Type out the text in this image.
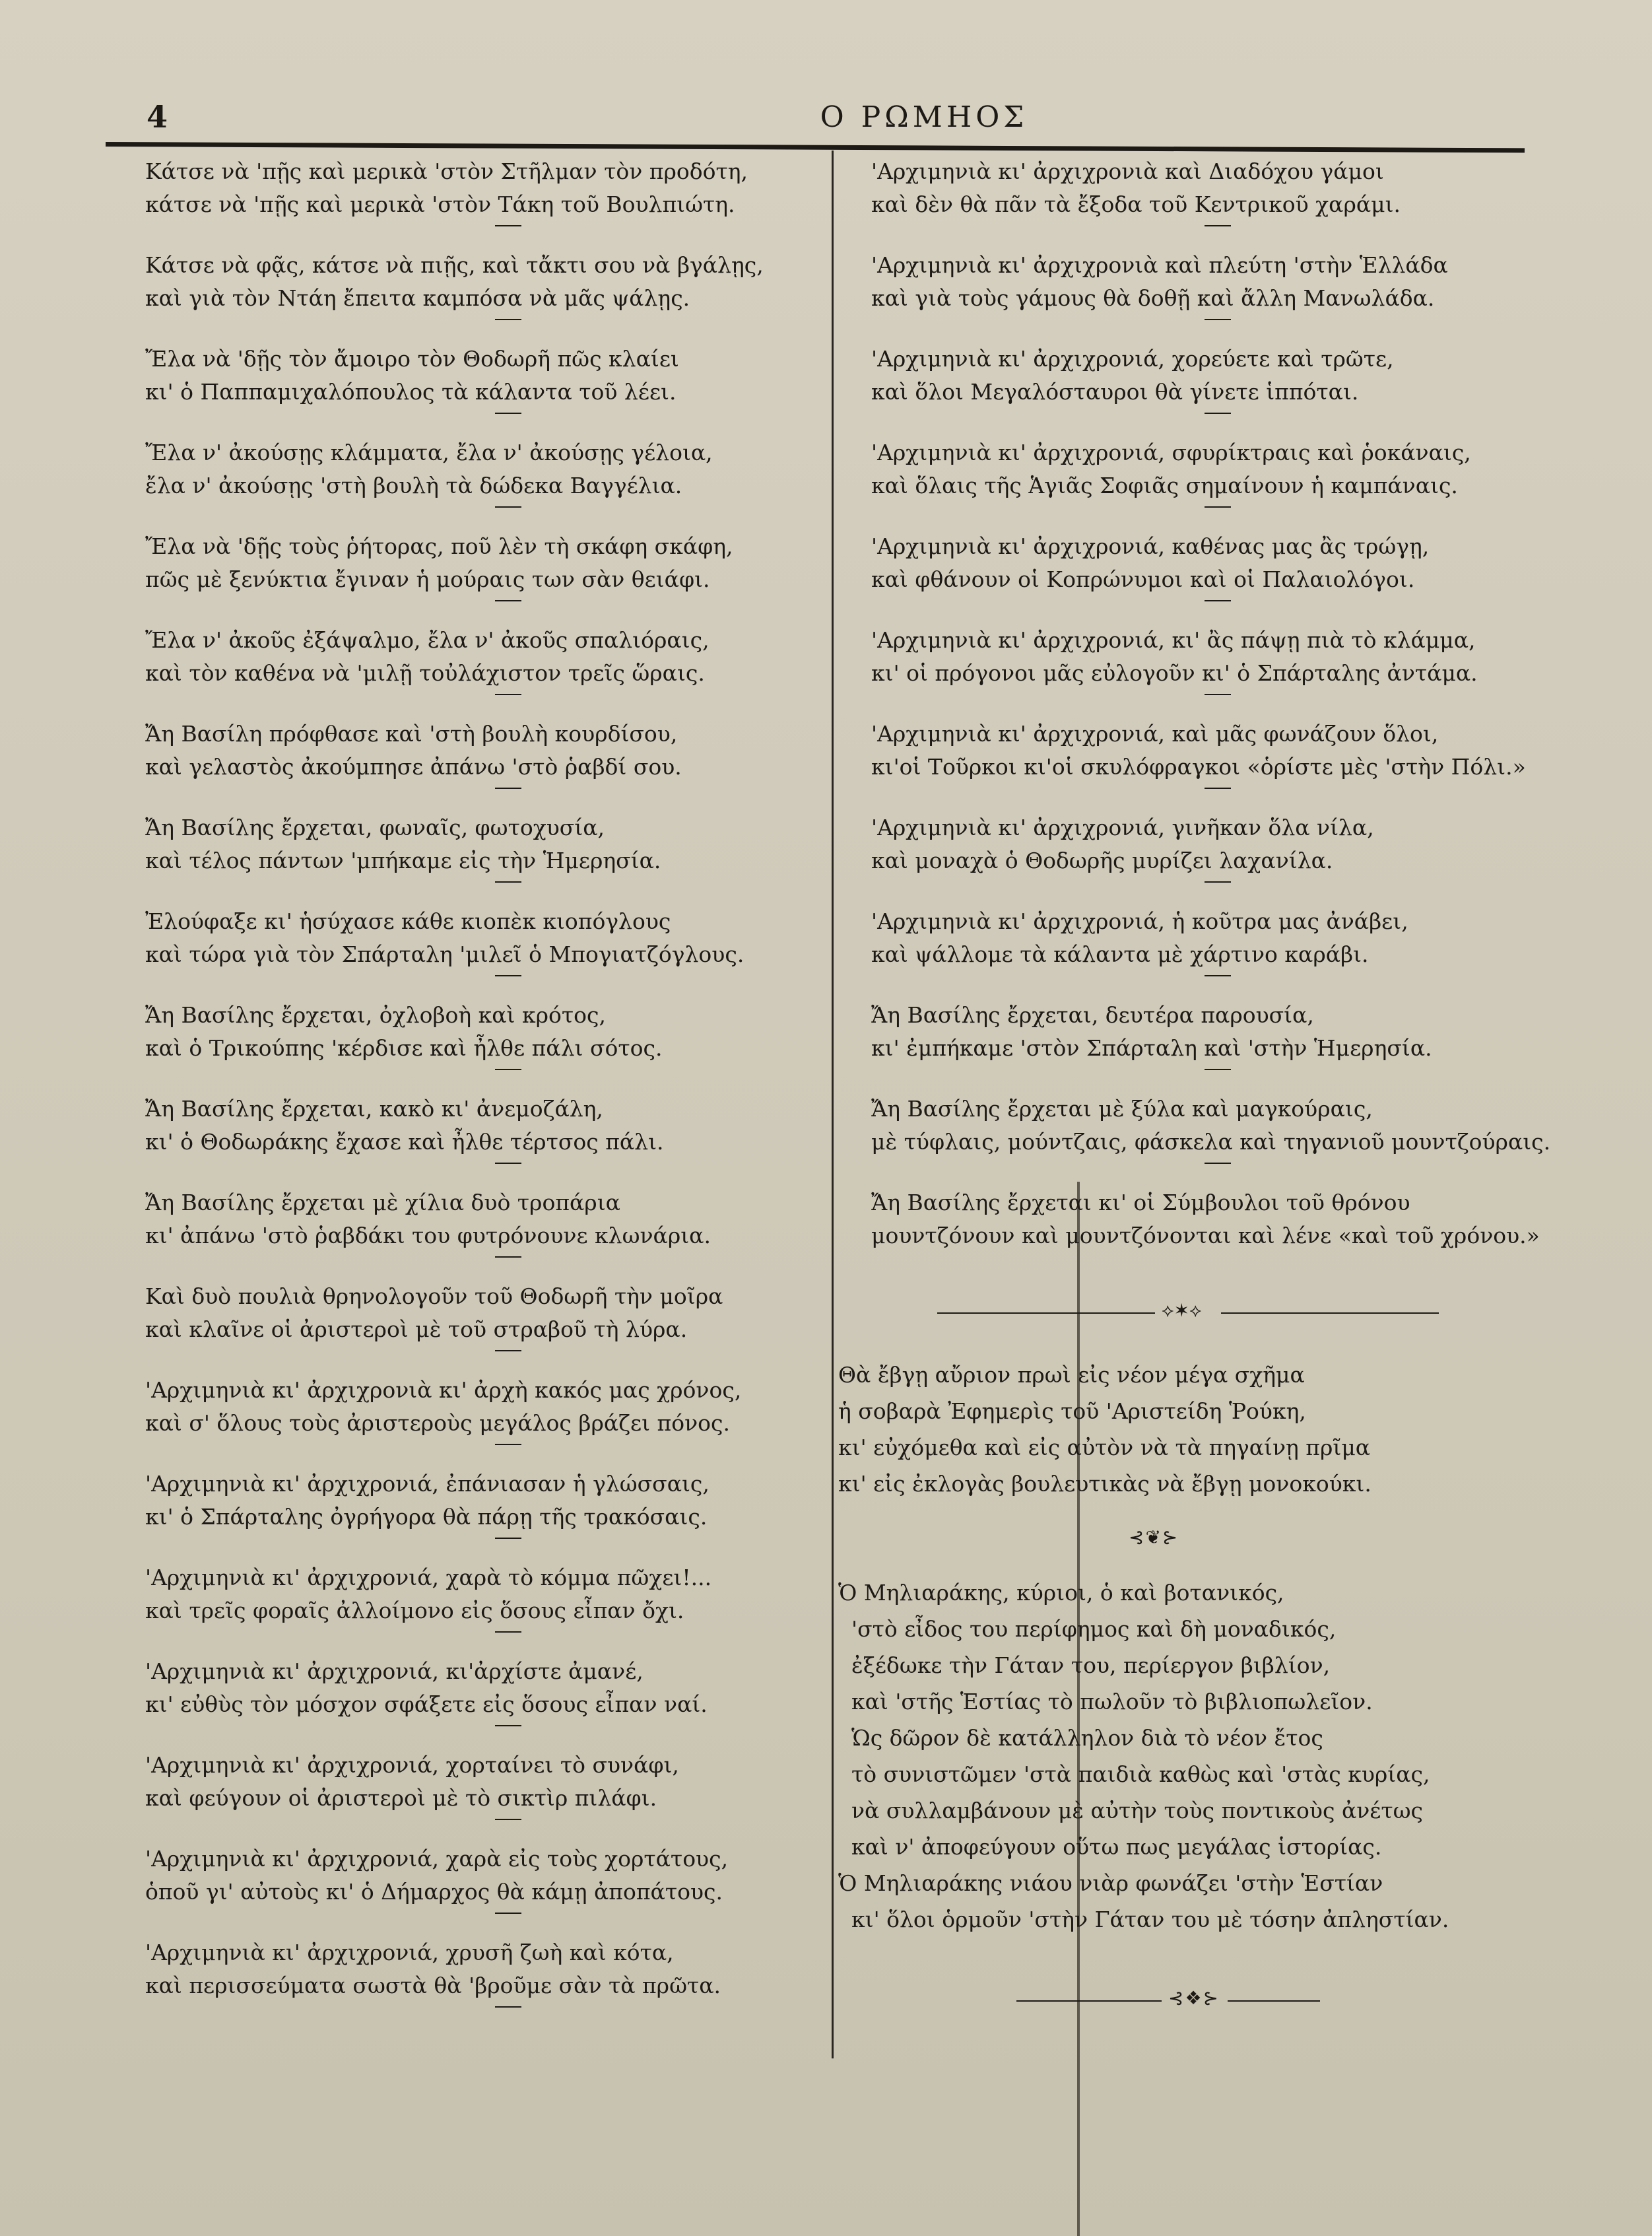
4	Ο ΡΩΜΗΟΣ
Κάτσε νὰ 'πῇς καὶ μερικὰ 'στὸν Στῆλμαν τὸν προδότη,
κάτσε νὰ 'πῇς καὶ μερικὰ 'στὸν Τάκη τοῦ Βουλπιώτη.
Κάτσε νὰ φᾷς, κάτσε νὰ πιῇς, καὶ τἄκτι σου νὰ βγάλῃς,
καὶ γιὰ τὸν Ντάη ἔπειτα καμπόσα νὰ μᾶς ψάλῃς.
Ἔλα νὰ 'δῇς τὸν ἄμοιρο τὸν Θοδωρῆ πῶς κλαίει
κι' ὁ Παππαμιχαλόπουλος τὰ κάλαντα τοῦ λέει.
Ἔλα ν' ἀκούσῃς κλάμματα, ἔλα ν' ἀκούσῃς γέλοια,
ἔλα ν' ἀκούσῃς 'στὴ βουλὴ τὰ δώδεκα Βαγγέλια.
Ἔλα νὰ 'δῇς τοὺς ῥήτορας, ποῦ λὲν τὴ σκάφη σκάφη,
πῶς μὲ ξενύκτια ἔγιναν ἡ μούραις των σὰν θειάφι.
Ἔλα ν' ἀκοῦς ἐξάψαλμο, ἔλα ν' ἀκοῦς σπαλιόραις,
καὶ τὸν καθένα νὰ 'μιλῇ τοὐλάχιστον τρεῖς ὥραις.
Ἄη Βασίλη πρόφθασε καὶ 'στὴ βουλὴ κουρδίσου,
καὶ γελαστὸς ἀκούμπησε ἀπάνω 'στὸ ῥαβδί σου.
Ἄη Βασίλης ἔρχεται, φωναῖς, φωτοχυσία,
καὶ τέλος πάντων 'μπήκαμε εἰς τὴν Ἡμερησία.
Ἐλούφαξε κι' ἡσύχασε κάθε κιοπὲκ κιοπόγλους
καὶ τώρα γιὰ τὸν Σπάρταλη 'μιλεῖ ὁ Μπογιατζόγλους.
Ἄη Βασίλης ἔρχεται, ὀχλοβοὴ καὶ κρότος,
καὶ ὁ Τρικούπης 'κέρδισε καὶ ἦλθε πάλι σότος.
Ἄη Βασίλης ἔρχεται, κακὸ κι' ἀνεμοζάλη,
κι' ὁ Θοδωράκης ἔχασε καὶ ἦλθε τέρτσος πάλι.
Ἄη Βασίλης ἔρχεται μὲ χίλια δυὸ τροπάρια
κι' ἀπάνω 'στὸ ῥαβδάκι του φυτρόνουνε κλωνάρια.
Καὶ δυὸ πουλιὰ θρηνολογοῦν τοῦ Θοδωρῆ τὴν μοῖρα
καὶ κλαῖνε οἱ ἀριστεροὶ μὲ τοῦ στραβοῦ τὴ λύρα.
'Αρχιμηνιὰ κι' ἀρχιχρονιὰ κι' ἀρχὴ κακός μας χρόνος,
καὶ σ' ὅλους τοὺς ἀριστεροὺς μεγάλος βράζει πόνος.
'Αρχιμηνιὰ κι' ἀρχιχρονιά, ἐπάνιασαν ἡ γλώσσαις,
κι' ὁ Σπάρταλης ὀγρήγορα θὰ πάρῃ τῆς τρακόσαις.
'Αρχιμηνιὰ κι' ἀρχιχρονιά, χαρὰ τὸ κόμμα πῶχει!...
καὶ τρεῖς φοραῖς ἀλλοίμονο εἰς ὅσους εἶπαν ὄχι.
'Αρχιμηνιὰ κι' ἀρχιχρονιά, κι'ἀρχίστε ἀμανέ,
κι' εὐθὺς τὸν μόσχον σφάξετε εἰς ὅσους εἶπαν ναί.
'Αρχιμηνιὰ κι' ἀρχιχρονιά, χορταίνει τὸ συνάφι,
καὶ φεύγουν οἱ ἀριστεροὶ μὲ τὸ σικτὶρ πιλάφι.
'Αρχιμηνιὰ κι' ἀρχιχρονιά, χαρὰ εἰς τοὺς χορτάτους,
ὁποῦ γι' αὐτοὺς κι' ὁ Δήμαρχος θὰ κάμῃ ἀποπάτους.
'Αρχιμηνιὰ κι' ἀρχιχρονιά, χρυσῆ ζωὴ καὶ κότα,
καὶ περισσεύματα σωστὰ θὰ 'βροῦμε σὰν τὰ πρῶτα.
'Αρχιμηνιὰ κι' ἀρχιχρονιὰ καὶ Διαδόχου γάμοι
καὶ δὲν θὰ πᾶν τὰ ἔξοδα τοῦ Κεντρικοῦ χαράμι.
'Αρχιμηνιὰ κι' ἀρχιχρονιὰ καὶ πλεύτη 'στὴν Ἑλλάδα
καὶ γιὰ τοὺς γάμους θὰ δοθῇ καὶ ἄλλη Μανωλάδα.
'Αρχιμηνιὰ κι' ἀρχιχρονιά, χορεύετε καὶ τρῶτε,
καὶ ὅλοι Μεγαλόσταυροι θὰ γίνετε ἱππόται.
'Αρχιμηνιὰ κι' ἀρχιχρονιά, σφυρίκτραις καὶ ῥοκάναις,
καὶ ὅλαις τῆς Ἁγιᾶς Σοφιᾶς σημαίνουν ἡ καμπάναις.
'Αρχιμηνιὰ κι' ἀρχιχρονιά, καθένας μας ἂς τρώγῃ,
καὶ φθάνουν οἱ Κοπρώνυμοι καὶ οἱ Παλαιολόγοι.
'Αρχιμηνιὰ κι' ἀρχιχρονιά, κι' ἂς πάψῃ πιὰ τὸ κλάμμα,
κι' οἱ πρόγονοι μᾶς εὐλογοῦν κι' ὁ Σπάρταλης ἀντάμα.
'Αρχιμηνιὰ κι' ἀρχιχρονιά, καὶ μᾶς φωνάζουν ὅλοι,
κι'οἱ Τοῦρκοι κι'οἱ σκυλόφραγκοι «ὁρίστε μὲς 'στὴν Πόλι.»
'Αρχιμηνιὰ κι' ἀρχιχρονιά, γινῆκαν ὅλα νίλα,
καὶ μοναχὰ ὁ Θοδωρῆς μυρίζει λαχανίλα.
'Αρχιμηνιὰ κι' ἀρχιχρονιά, ἡ κοῦτρα μας ἀνάβει,
καὶ ψάλλομε τὰ κάλαντα μὲ χάρτινο καράβι.
Ἄη Βασίλης ἔρχεται, δευτέρα παρουσία,
κι' ἐμπήκαμε 'στὸν Σπάρταλη καὶ 'στὴν Ἡμερησία.
Ἄη Βασίλης ἔρχεται μὲ ξύλα καὶ μαγκούραις,
μὲ τύφλαις, μούντζαις, φάσκελα καὶ τηγανιοῦ μουντζούραις.
Ἄη Βασίλης ἔρχεται κι' οἱ Σύμβουλοι τοῦ θρόνου
μουντζόνουν καὶ μουντζόνονται καὶ λένε «καὶ τοῦ χρόνου.»
⟡✶⟡
Θὰ ἔβγῃ αὔριον πρωὶ εἰς νέον μέγα σχῆμα
ἡ σοβαρὰ Ἐφημερὶς τοῦ 'Αριστείδη Ῥούκη,
κι' εὐχόμεθα καὶ εἰς αὐτὸν νὰ τὰ πηγαίνῃ πρῖμα
κι' εἰς ἐκλογὰς βουλευτικὰς νὰ ἔβγῃ μονοκούκι.
⊰❦⊱
Ὁ Μηλιαράκης, κύριοι, ὁ καὶ βοτανικός,
'στὸ εἶδος του περίφημος καὶ δὴ μοναδικός,
ἐξέδωκε τὴν Γάταν του, περίεργον βιβλίον,
καὶ 'στῆς Ἑστίας τὸ πωλοῦν τὸ βιβλιοπωλεῖον.
Ὡς δῶρον δὲ κατάλληλον διὰ τὸ νέον ἔτος
τὸ συνιστῶμεν 'στὰ παιδιὰ καθὼς καὶ 'στὰς κυρίας,
νὰ συλλαμβάνουν μὲ αὐτὴν τοὺς ποντικοὺς ἀνέτως
καὶ ν' ἀποφεύγουν οὕτω πως μεγάλας ἱστορίας.
Ὁ Μηλιαράκης νιάου νιὰρ φωνάζει 'στὴν Ἑστίαν
κι' ὅλοι ὁρμοῦν 'στὴν Γάταν του μὲ τόσην ἀπληστίαν.
⊰❖⊱
